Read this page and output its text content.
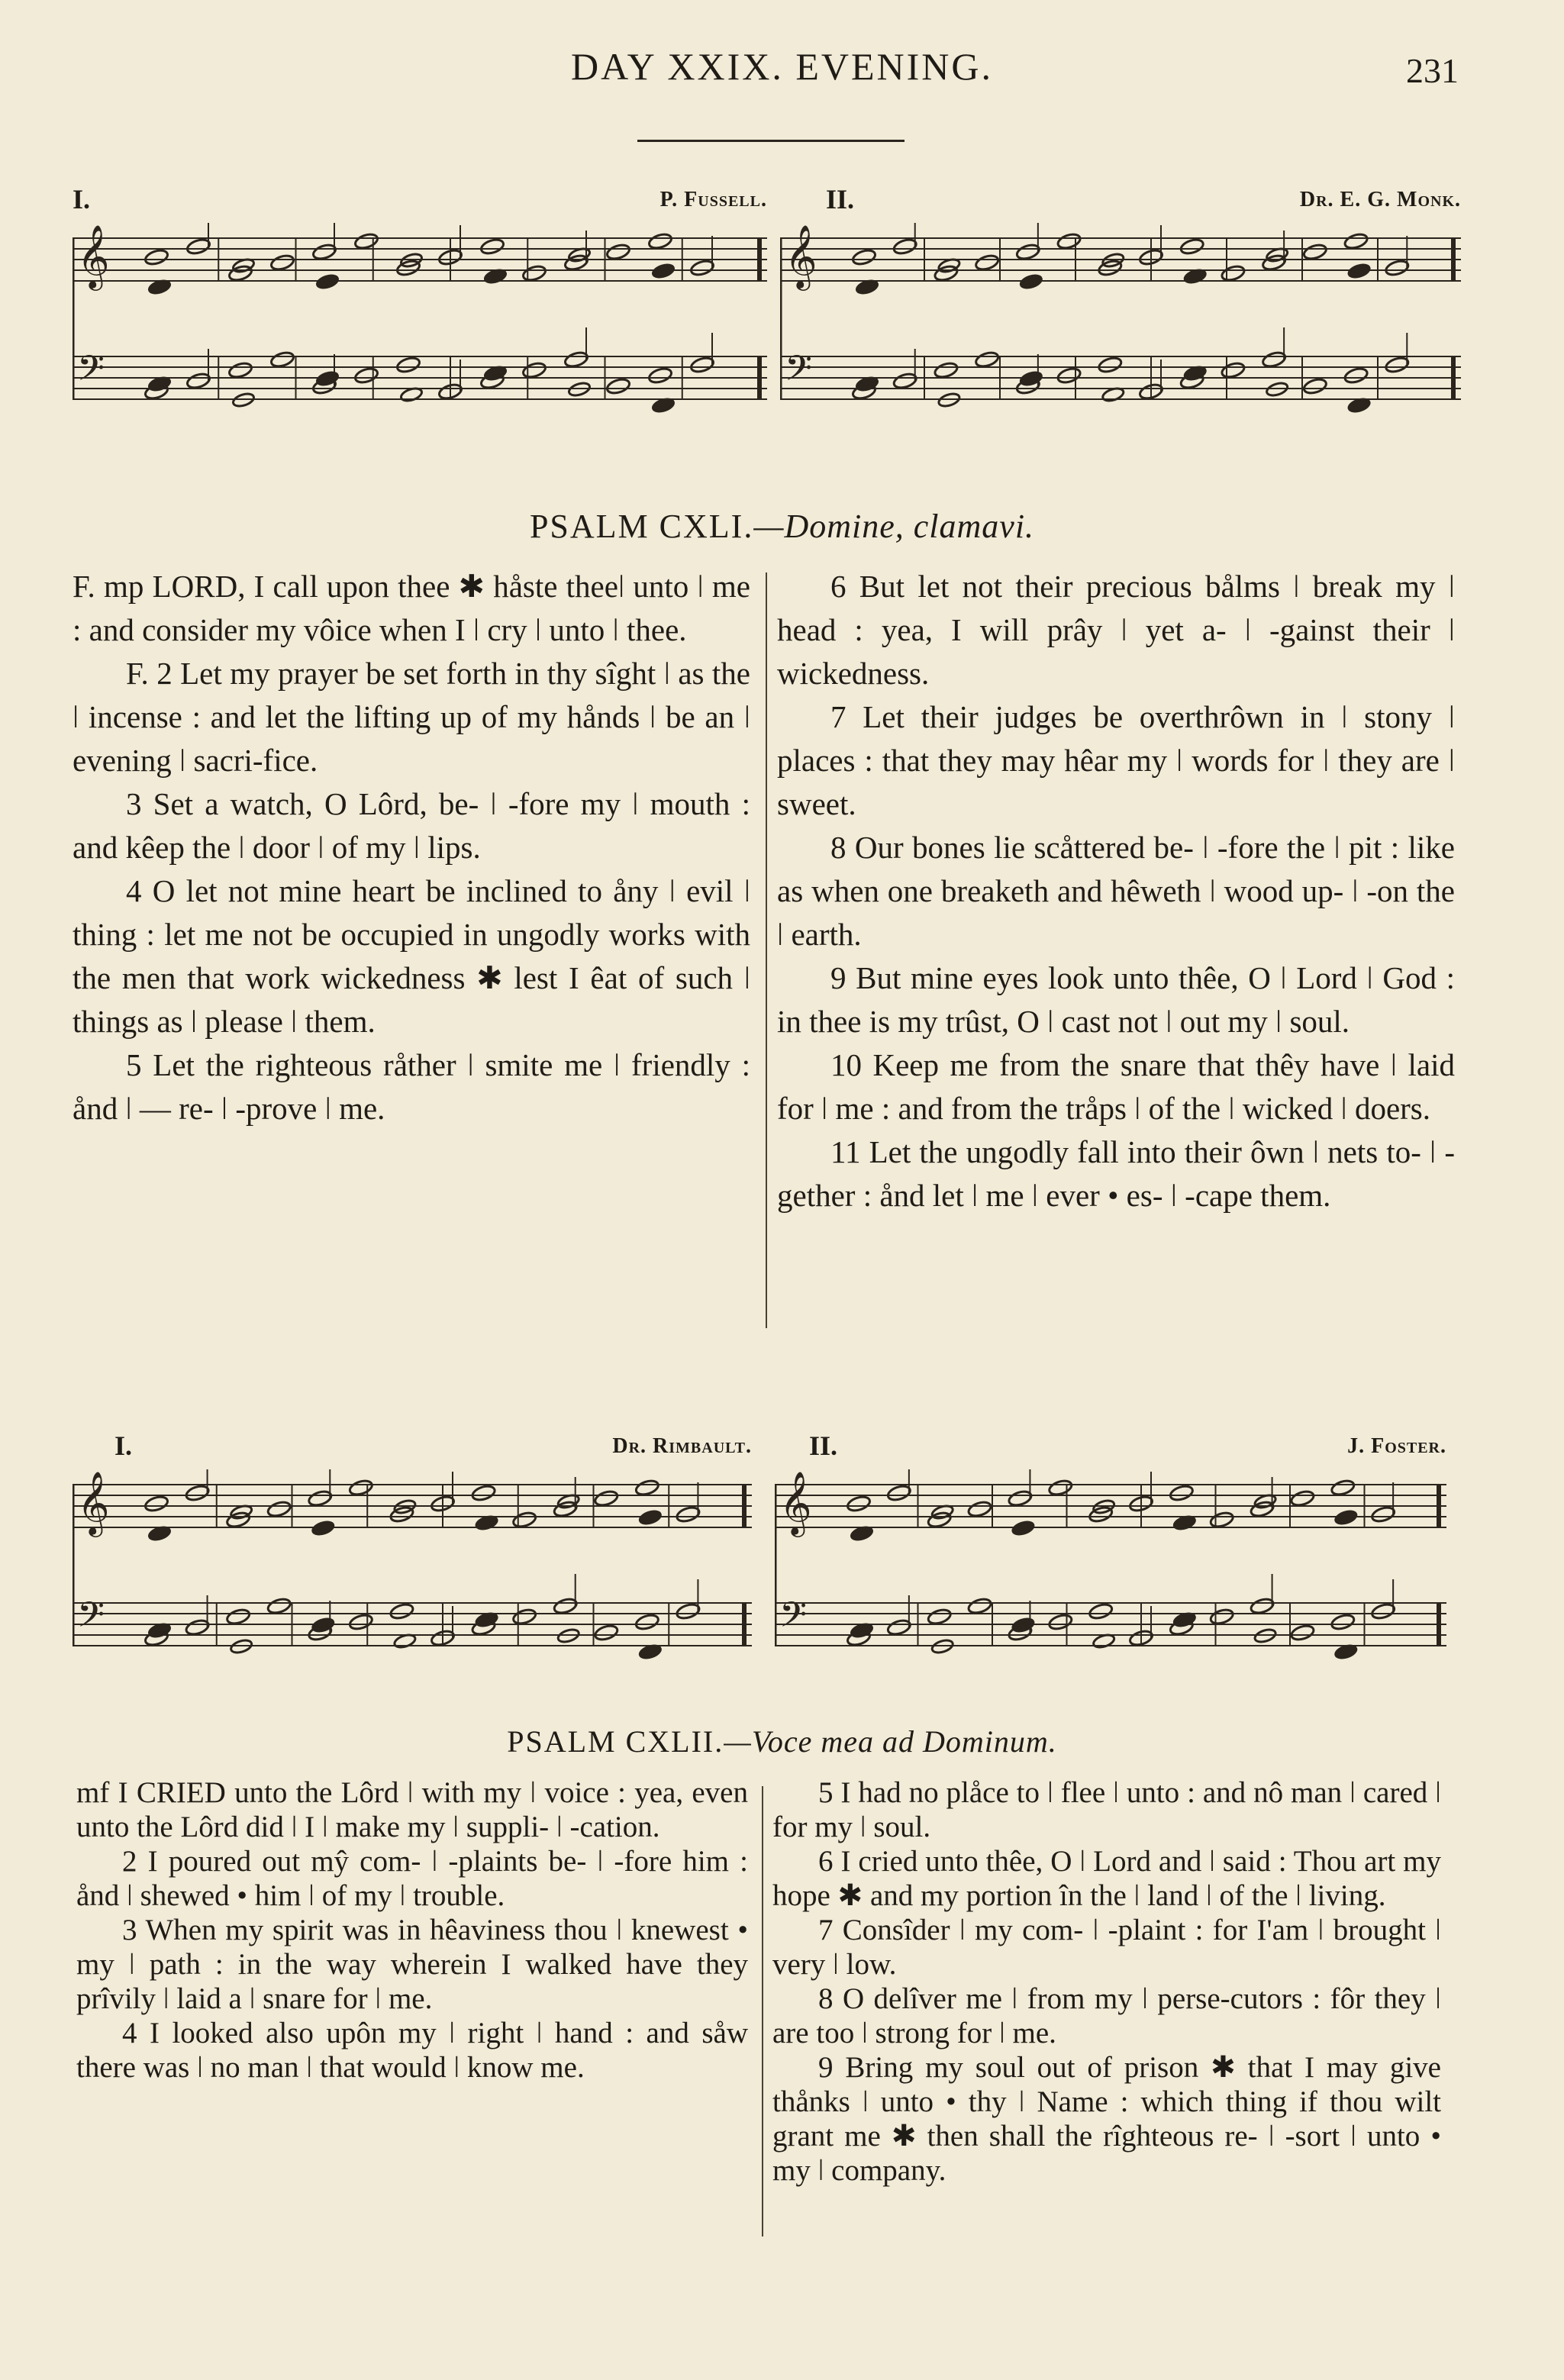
DAY XXIX. EVENING.	231
I.	P. Fussell.
𝄞
𝄢
II.	Dr. E. G. Monk.
𝄞
𝄢
PSALM CXLI.—Domine, clamavi.

F. mp LORD, I call upon thee ✱ håste theeǀ unto ǀ me : and consider my vôice when I ǀ cry ǀ unto ǀ thee.

F. 2 Let my prayer be set forth in thy sîght ǀ as the ǀ incense : and let the lifting up of my hånds ǀ be an ǀ evening ǀ sacri-fice.

3 Set a watch, O Lôrd, be- ǀ -fore my ǀ mouth : and kêep the ǀ door ǀ of my ǀ lips.

4 O let not mine heart be inclined to åny ǀ evil ǀ thing : let me not be occupied in ungodly works with the men that work wickedness ✱ lest I êat of such ǀ things as ǀ please ǀ them.

5 Let the righteous råther ǀ smite me ǀ friendly : ånd ǀ — re- ǀ -prove ǀ me.

6 But let not their precious bålms ǀ break my ǀ head : yea, I will prây ǀ yet a- ǀ -gainst their ǀ wickedness.

7 Let their judges be overthrôwn in ǀ stony ǀ places : that they may hêar my ǀ words for ǀ they are ǀ sweet.

8 Our bones lie scåttered be- ǀ -fore the ǀ pit : like as when one breaketh and hêweth ǀ wood up- ǀ -on the ǀ earth.

9 But mine eyes look unto thêe, O ǀ Lord ǀ God : in thee is my trûst, O ǀ cast not ǀ out my ǀ soul.

10 Keep me from the snare that thêy have ǀ laid for ǀ me : and from the tråps ǀ of the ǀ wicked ǀ doers.

11 Let the ungodly fall into their ôwn ǀ nets to- ǀ -gether : ånd let ǀ me ǀ ever • es- ǀ -cape them.

I.	Dr. Rimbault.
𝄞
𝄢
II.	J. Foster.
𝄞
𝄢
PSALM CXLII.—Voce mea ad Dominum.

mf I CRIED unto the Lôrd ǀ with my ǀ voice : yea, even unto the Lôrd did ǀ I ǀ make my ǀ suppli- ǀ -cation.

2 I poured out mŷ com- ǀ -plaints be- ǀ -fore him : ånd ǀ shewed • him ǀ of my ǀ trouble.

3 When my spirit was in hêaviness thou ǀ knewest • my ǀ path : in the way wherein I walked have they prîvily ǀ laid a ǀ snare for ǀ me.

4 I looked also upôn my ǀ right ǀ hand : and såw there was ǀ no man ǀ that would ǀ know me.

5 I had no plåce to ǀ flee ǀ unto : and nô man ǀ cared ǀ for my ǀ soul.

6 I cried unto thêe, O ǀ Lord and ǀ said : Thou art my hope ✱ and my portion în the ǀ land ǀ of the ǀ living.

7 Consîder ǀ my com- ǀ -plaint : for I'am ǀ brought ǀ very ǀ low.

8 O delîver me ǀ from my ǀ perse-cutors : fôr they ǀ are too ǀ strong for ǀ me.

9 Bring my soul out of prison ✱ that I may give thånks ǀ unto • thy ǀ Name : which thing if thou wilt grant me ✱ then shall the rîghteous re- ǀ -sort ǀ unto • my ǀ company.
